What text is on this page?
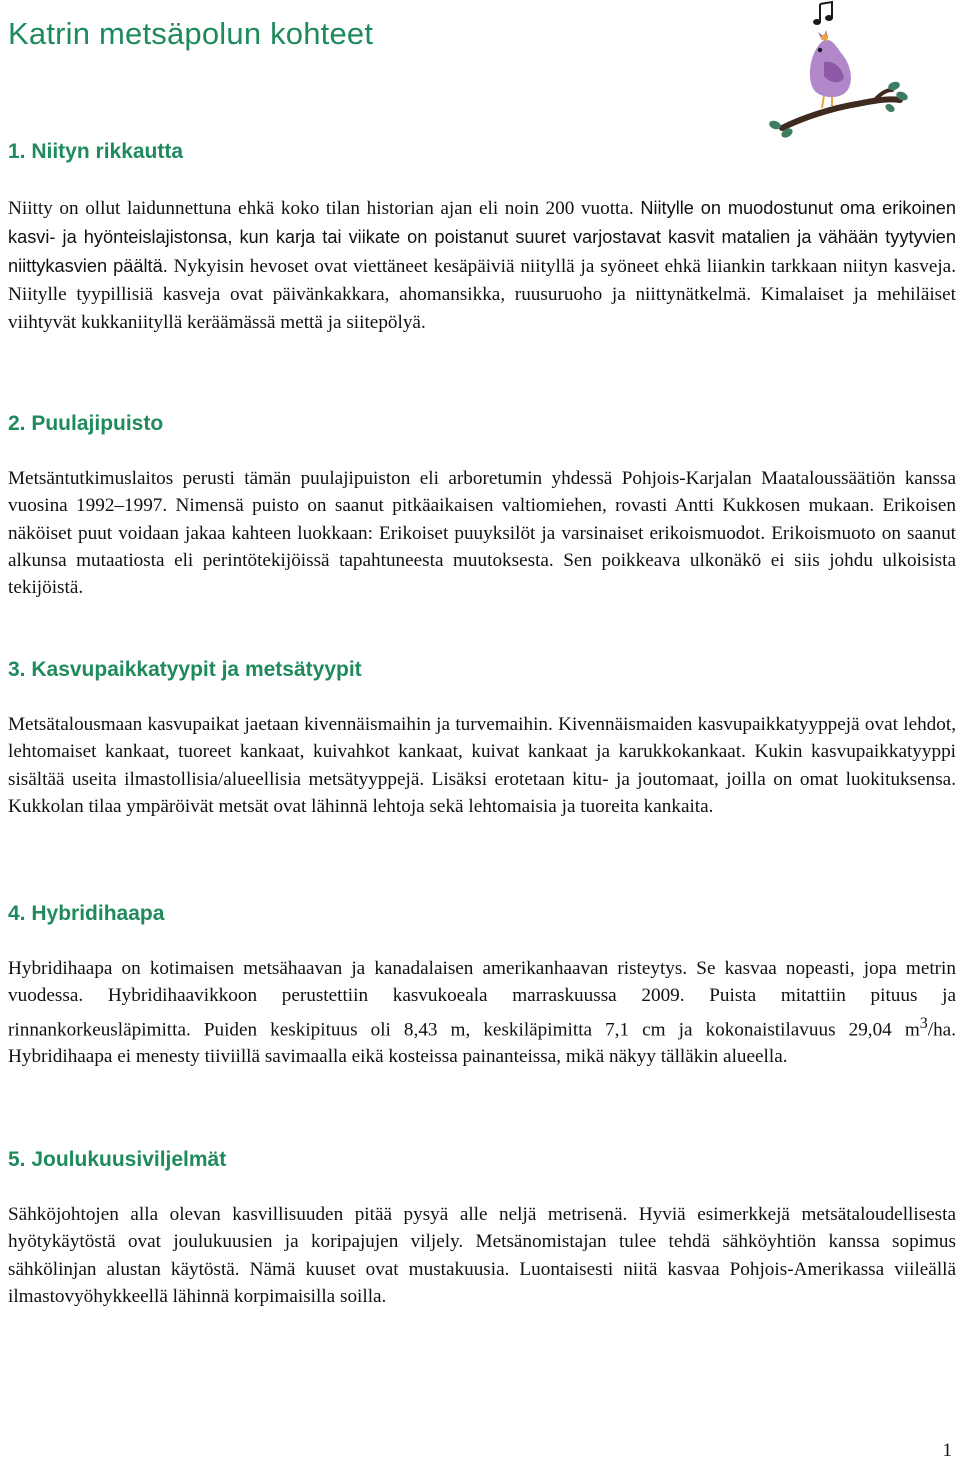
Katrin metsäpolun kohteet
1. Niityn rikkautta

Niitty on ollut laidunnettuna ehkä koko tilan historian ajan eli noin 200 vuotta. Niitylle on muodostunut oma erikoinen kasvi- ja hyönteislajistonsa, kun karja tai viikate on poistanut suuret varjostavat kasvit matalien ja vähään tyytyvien niittykasvien päältä. Nykyisin hevoset ovat viettäneet kesäpäiviä niityllä ja syöneet ehkä liiankin tarkkaan niityn kasveja. Niitylle tyypillisiä kasveja ovat päivänkakkara, ahomansikka, ruusuruoho ja niittynätkelmä. Kimalaiset ja mehiläiset viihtyvät kukkaniityllä keräämässä mettä ja siitepölyä.

2. Puulajipuisto

Metsäntutkimuslaitos perusti tämän puulajipuiston eli arboretumin yhdessä Pohjois-Karjalan Maataloussäätiön kanssa vuosina 1992–1997. Nimensä puisto on saanut pitkäaikaisen valtiomiehen, rovasti Antti Kukkosen mukaan. Erikoisen näköiset puut voidaan jakaa kahteen luokkaan: Erikoiset puuyksilöt ja varsinaiset erikoismuodot. Erikoismuoto on saanut alkunsa mutaatiosta eli perintötekijöissä tapahtuneesta muutoksesta. Sen poikkeava ulkonäkö ei siis johdu ulkoisista tekijöistä.

3. Kasvupaikkatyypit ja metsätyypit

Metsätalousmaan kasvupaikat jaetaan kivennäismaihin ja turvemaihin. Kivennäismaiden kasvupaikkatyyppejä ovat lehdot, lehtomaiset kankaat, tuoreet kankaat, kuivahkot kankaat, kuivat kankaat ja karukkokankaat. Kukin kasvupaikkatyyppi sisältää useita ilmastollisia/alueellisia metsätyyppejä. Lisäksi erotetaan kitu- ja joutomaat, joilla on omat luokituksensa. Kukkolan tilaa ympäröivät metsät ovat lähinnä lehtoja sekä lehtomaisia ja tuoreita kankaita.

4. Hybridihaapa

Hybridihaapa on kotimaisen metsähaavan ja kanadalaisen amerikanhaavan risteytys. Se kasvaa nopeasti, jopa metrin vuodessa. Hybridihaavikkoon perustettiin kasvukoeala marraskuussa 2009. Puista mitattiin pituus ja rinnankorkeusläpimitta. Puiden keskipituus oli 8,43 m, keskiläpimitta 7,1 cm ja kokonaistilavuus 29,04 $m^3/ha$. Hybridihaapa ei menesty tiiviillä savimaalla eikä kosteissa painanteissa, mikä näkyy tälläkin alueella.

5. Joulukuusiviljelmät

Sähköjohtojen alla olevan kasvillisuuden pitää pysyä alle neljä metrisenä. Hyviä esimerkkejä metsätaloudellisesta hyötykäytöstä ovat joulukuusien ja koripajujen viljely. Metsänomistajan tulee tehdä sähköyhtiön kanssa sopimus sähkölinjan alustan käytöstä. Nämä kuuset ovat mustakuusia. Luontaisesti niitä kasvaa Pohjois-Amerikassa viileällä ilmastovyöhykkeellä lähinnä korpimaisilla soilla.

1
